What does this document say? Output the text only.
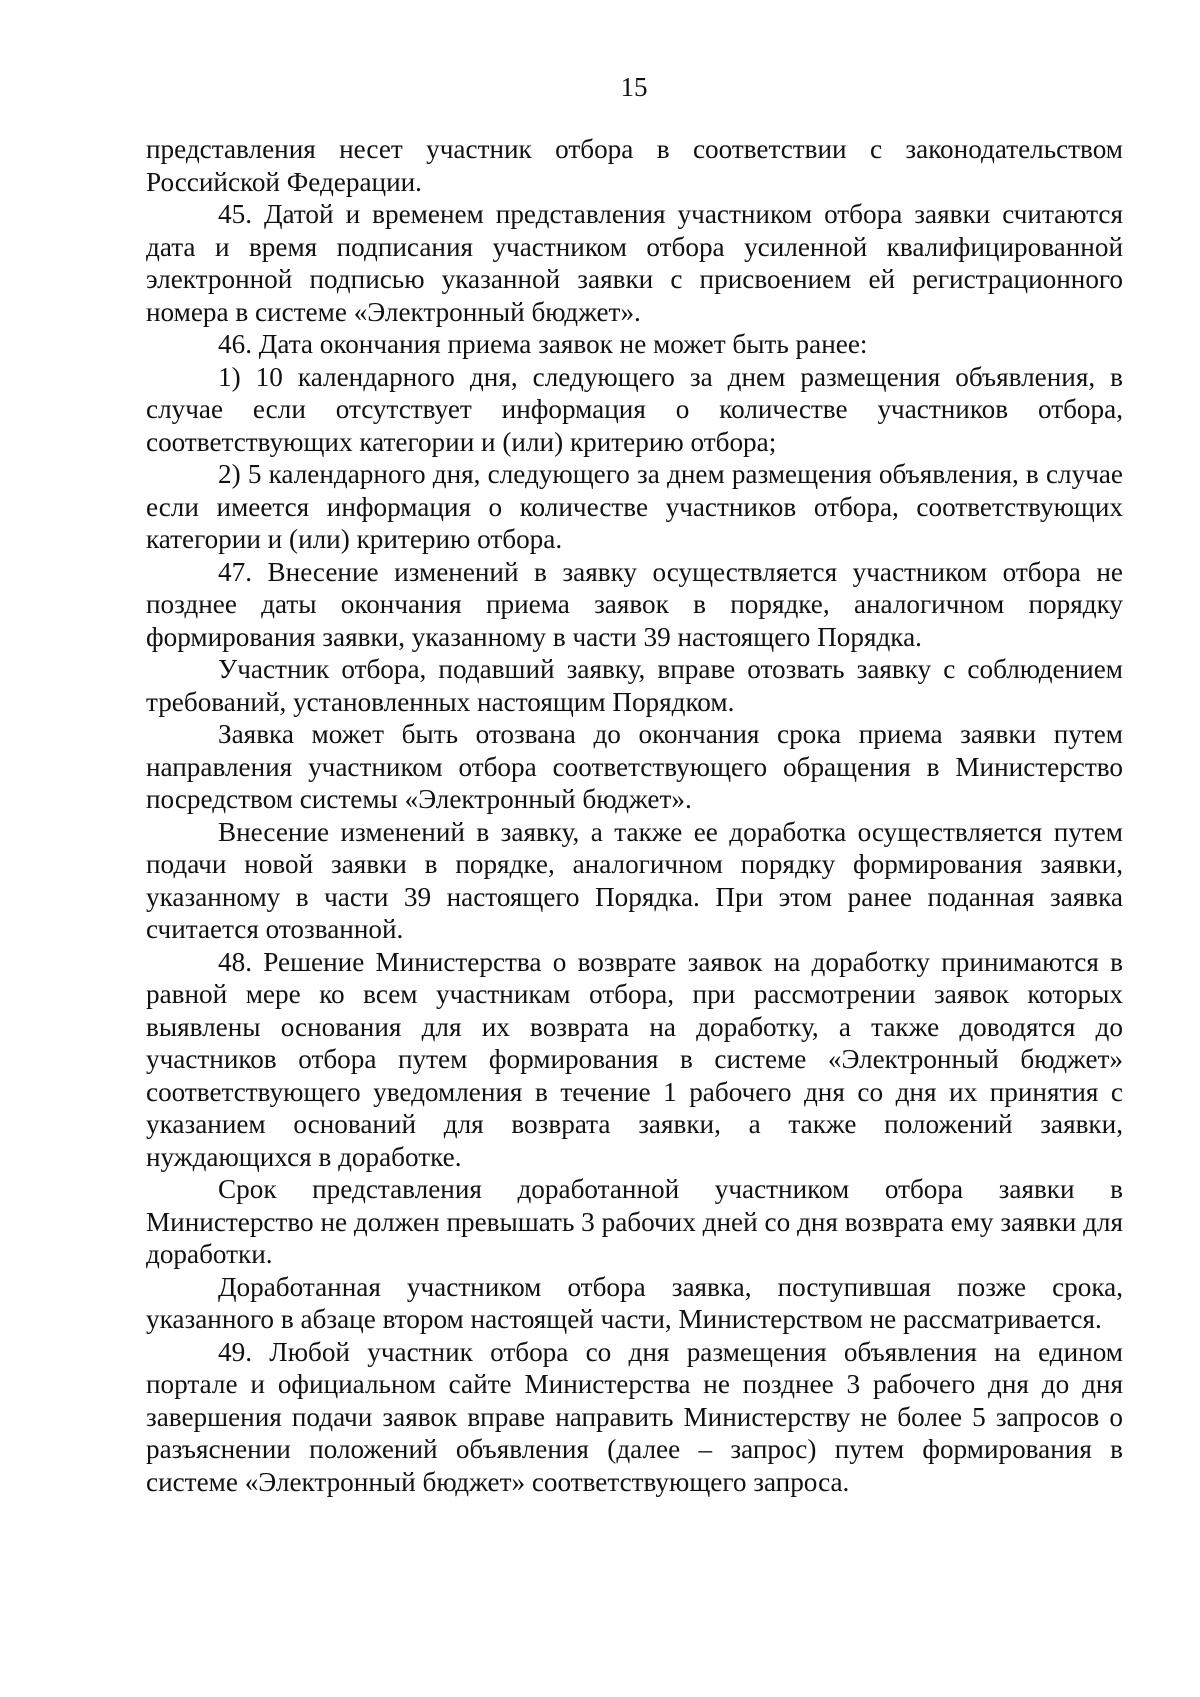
15

представления несет участник отбора в соответствии с законодательством Российской Федерации.

45. Датой и временем представления участником отбора заявки считаются дата и время подписания участником отбора усиленной квалифицированной электронной подписью указанной заявки с присвоением ей регистрационного номера в системе «Электронный бюджет».

46. Дата окончания приема заявок не может быть ранее:

1) 10 календарного дня, следующего за днем размещения объявления, в случае если отсутствует информация о количестве участников отбора, соответствующих категории и (или) критерию отбора;

2) 5 календарного дня, следующего за днем размещения объявления, в случае если имеется информация о количестве участников отбора, соответствующих категории и (или) критерию отбора.

47. Внесение изменений в заявку осуществляется участником отбора не позднее даты окончания приема заявок в порядке, аналогичном порядку формирования заявки, указанному в части 39 настоящего Порядка.

Участник отбора, подавший заявку, вправе отозвать заявку с соблюдением требований, установленных настоящим Порядком.

Заявка может быть отозвана до окончания срока приема заявки путем направления участником отбора соответствующего обращения в Министерство посредством системы «Электронный бюджет».

Внесение изменений в заявку, а также ее доработка осуществляется путем подачи новой заявки в порядке, аналогичном порядку формирования заявки, указанному в части 39 настоящего Порядка. При этом ранее поданная заявка считается отозванной.

48. Решение Министерства о возврате заявок на доработку принимаются в равной мере ко всем участникам отбора, при рассмотрении заявок которых выявлены основания для их возврата на доработку, а также доводятся до участников отбора путем формирования в системе «Электронный бюджет» соответствующего уведомления в течение 1 рабочего дня со дня их принятия с указанием оснований для возврата заявки, а также положений заявки, нуждающихся в доработке.

Срок представления доработанной участником отбора заявки в Министерство не должен превышать 3 рабочих дней со дня возврата ему заявки для доработки.

Доработанная участником отбора заявка, поступившая позже срока, указанного в абзаце втором настоящей части, Министерством не рассматривается.

49. Любой участник отбора со дня размещения объявления на едином портале и официальном сайте Министерства не позднее 3 рабочего дня до дня завершения подачи заявок вправе направить Министерству не более 5 запросов о разъяснении положений объявления (далее – запрос) путем формирования в системе «Электронный бюджет» соответствующего запроса.
